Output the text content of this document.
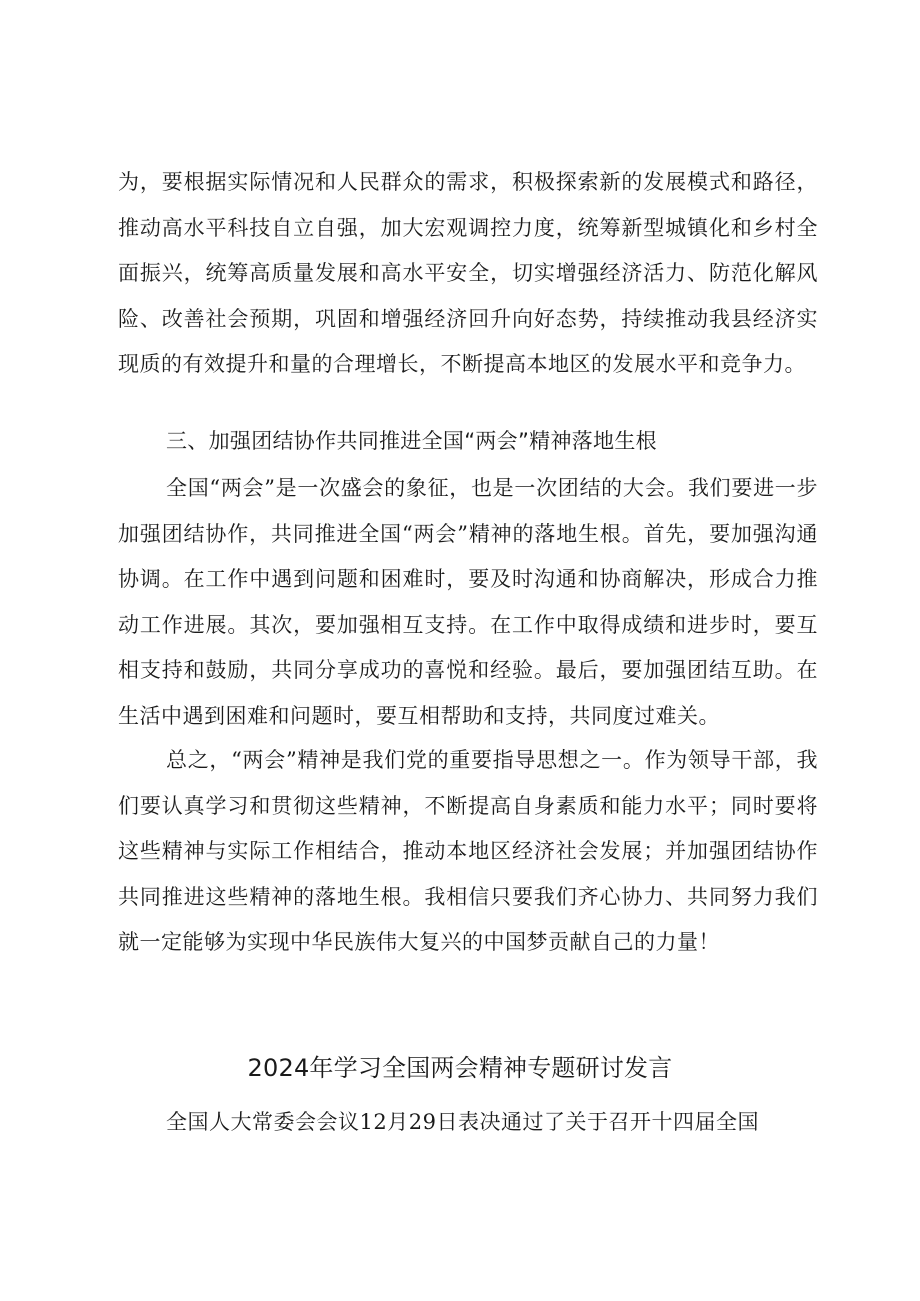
为，要根据实际情况和人民群众的需求，积极探索新的发展模式和路径，推动高水平科技自立自强，加大宏观调控力度，统筹新型城镇化和乡村全面振兴，统筹高质量发展和高水平安全，切实增强经济活力、防范化解风险、改善社会预期，巩固和增强经济回升向好态势，持续推动我县经济实现质的有效提升和量的合理增长，不断提高本地区的发展水平和竞争力。

三、加强团结协作共同推进全国“两会”精神落地生根

全国“两会”是一次盛会的象征，也是一次团结的大会。我们要进一步加强团结协作，共同推进全国“两会”精神的落地生根。首先，要加强沟通协调。在工作中遇到问题和困难时，要及时沟通和协商解决，形成合力推动工作进展。其次，要加强相互支持。在工作中取得成绩和进步时，要互相支持和鼓励，共同分享成功的喜悦和经验。最后，要加强团结互助。在生活中遇到困难和问题时，要互相帮助和支持，共同度过难关。

总之，“两会”精神是我们党的重要指导思想之一。作为领导干部，我们要认真学习和贯彻这些精神，不断提高自身素质和能力水平；同时要将这些精神与实际工作相结合，推动本地区经济社会发展；并加强团结协作共同推进这些精神的落地生根。我相信只要我们齐心协力、共同努力我们就一定能够为实现中华民族伟大复兴的中国梦贡献自己的力量！

2024年学习全国两会精神专题研讨发言

全国人大常委会会议12月29日表决通过了关于召开十四届全国
